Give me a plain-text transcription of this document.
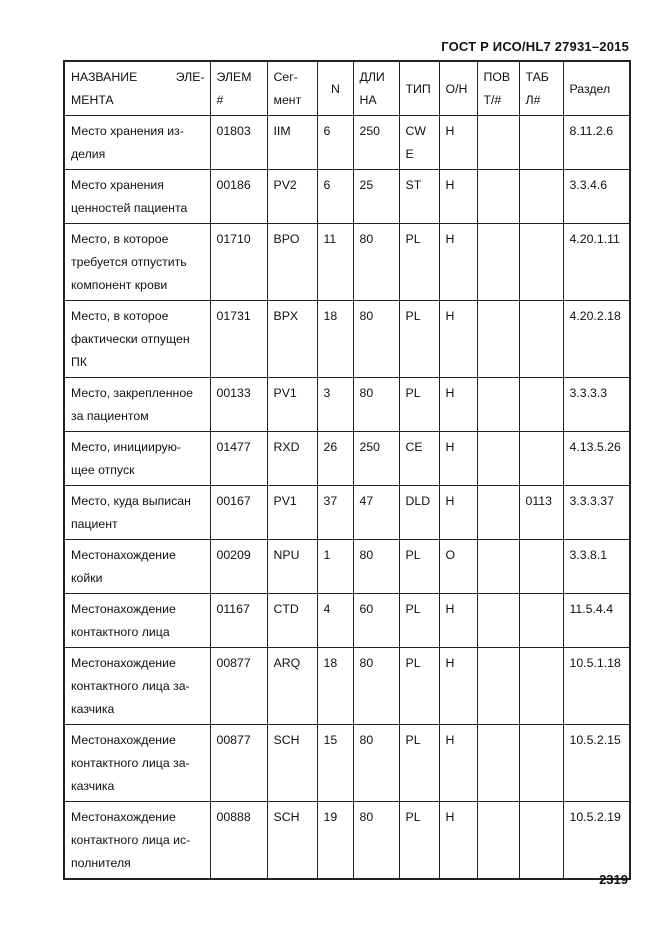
ГОСТ Р ИСО/HL7 27931–2015
НАЗВАНИЕ ЭЛЕ-МЕНТА	ЭЛЕМ #	Сег-мент	N	ДЛИ НА	ТИП	О/Н	ПОВ Т/#	ТАБ Л#	Раздел
Место хранения из-делия	01803	IIM	6	250	CWE	Н			8.11.2.6
Место хранения ценностей пациента	00186	PV2	6	25	ST	Н			3.3.4.6
Место, в которое требуется отпустить компонент крови	01710	BPO	11	80	PL	Н			4.20.1.11
Место, в которое фактически отпущен ПК	01731	BPX	18	80	PL	Н			4.20.2.18
Место, закрепленное за пациентом	00133	PV1	3	80	PL	Н			3.3.3.3
Место, инициирую-щее отпуск	01477	RXD	26	250	CE	Н			4.13.5.26
Место, куда выписан пациент	00167	PV1	37	47	DLD	Н		0113	3.3.3.37
Местонахождение койки	00209	NPU	1	80	PL	О			3.3.8.1
Местонахождение контактного лица	01167	CTD	4	60	PL	Н			11.5.4.4
Местонахождение контактного лица за-казчика	00877	ARQ	18	80	PL	Н			10.5.1.18
Местонахождение контактного лица за-казчика	00877	SCH	15	80	PL	Н			10.5.2.15
Местонахождение контактного лица ис-полнителя	00888	SCH	19	80	PL	Н			10.5.2.19
2319
